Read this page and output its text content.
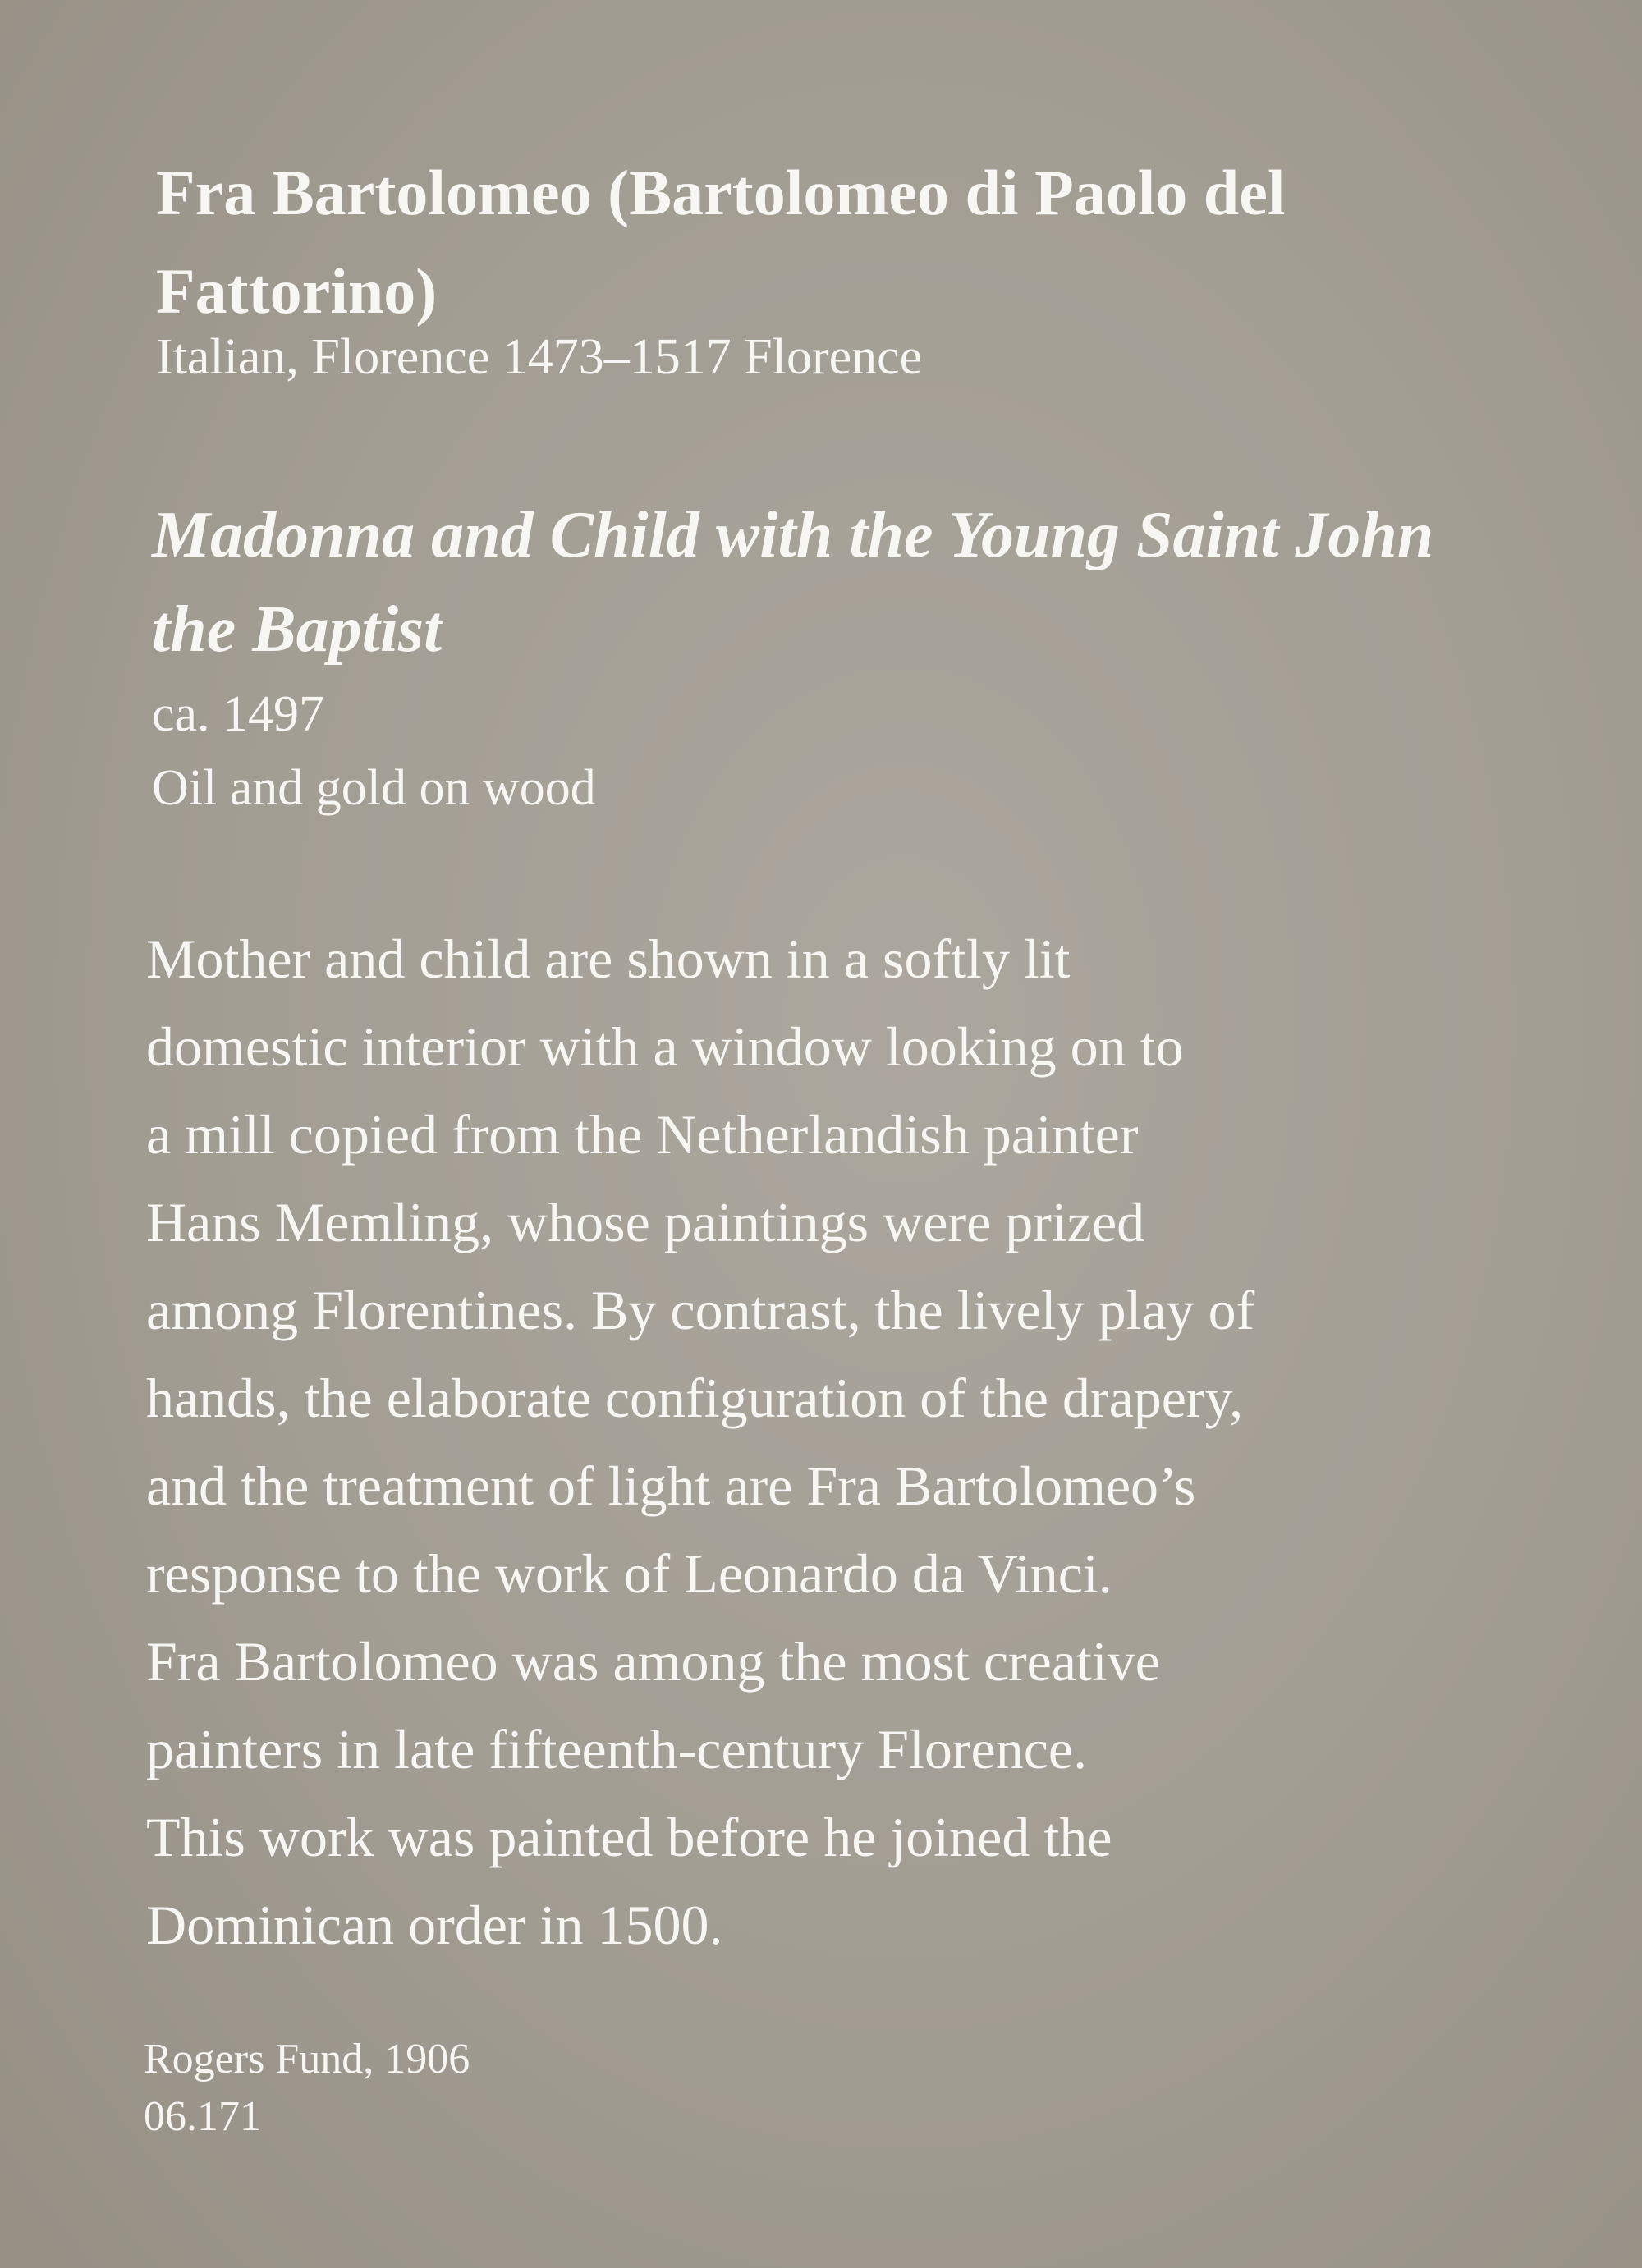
Fra Bartolomeo (Bartolomeo di Paolo del Fattorino)

Italian, Florence 1473–1517 Florence

Madonna and Child with the Young Saint John the Baptist

ca. 1497

Oil and gold on wood

Mother and child are shown in a softly lit
domestic interior with a window looking on to
a mill copied from the Netherlandish painter
Hans Memling, whose paintings were prized
among Florentines. By contrast, the lively play of
hands, the elaborate configuration of the drapery,
and the treatment of light are Fra Bartolomeo’s
response to the work of Leonardo da Vinci.
Fra Bartolomeo was among the most creative
painters in late fifteenth-century Florence.
This work was painted before he joined the
Dominican order in 1500.

Rogers Fund, 1906

06.171
